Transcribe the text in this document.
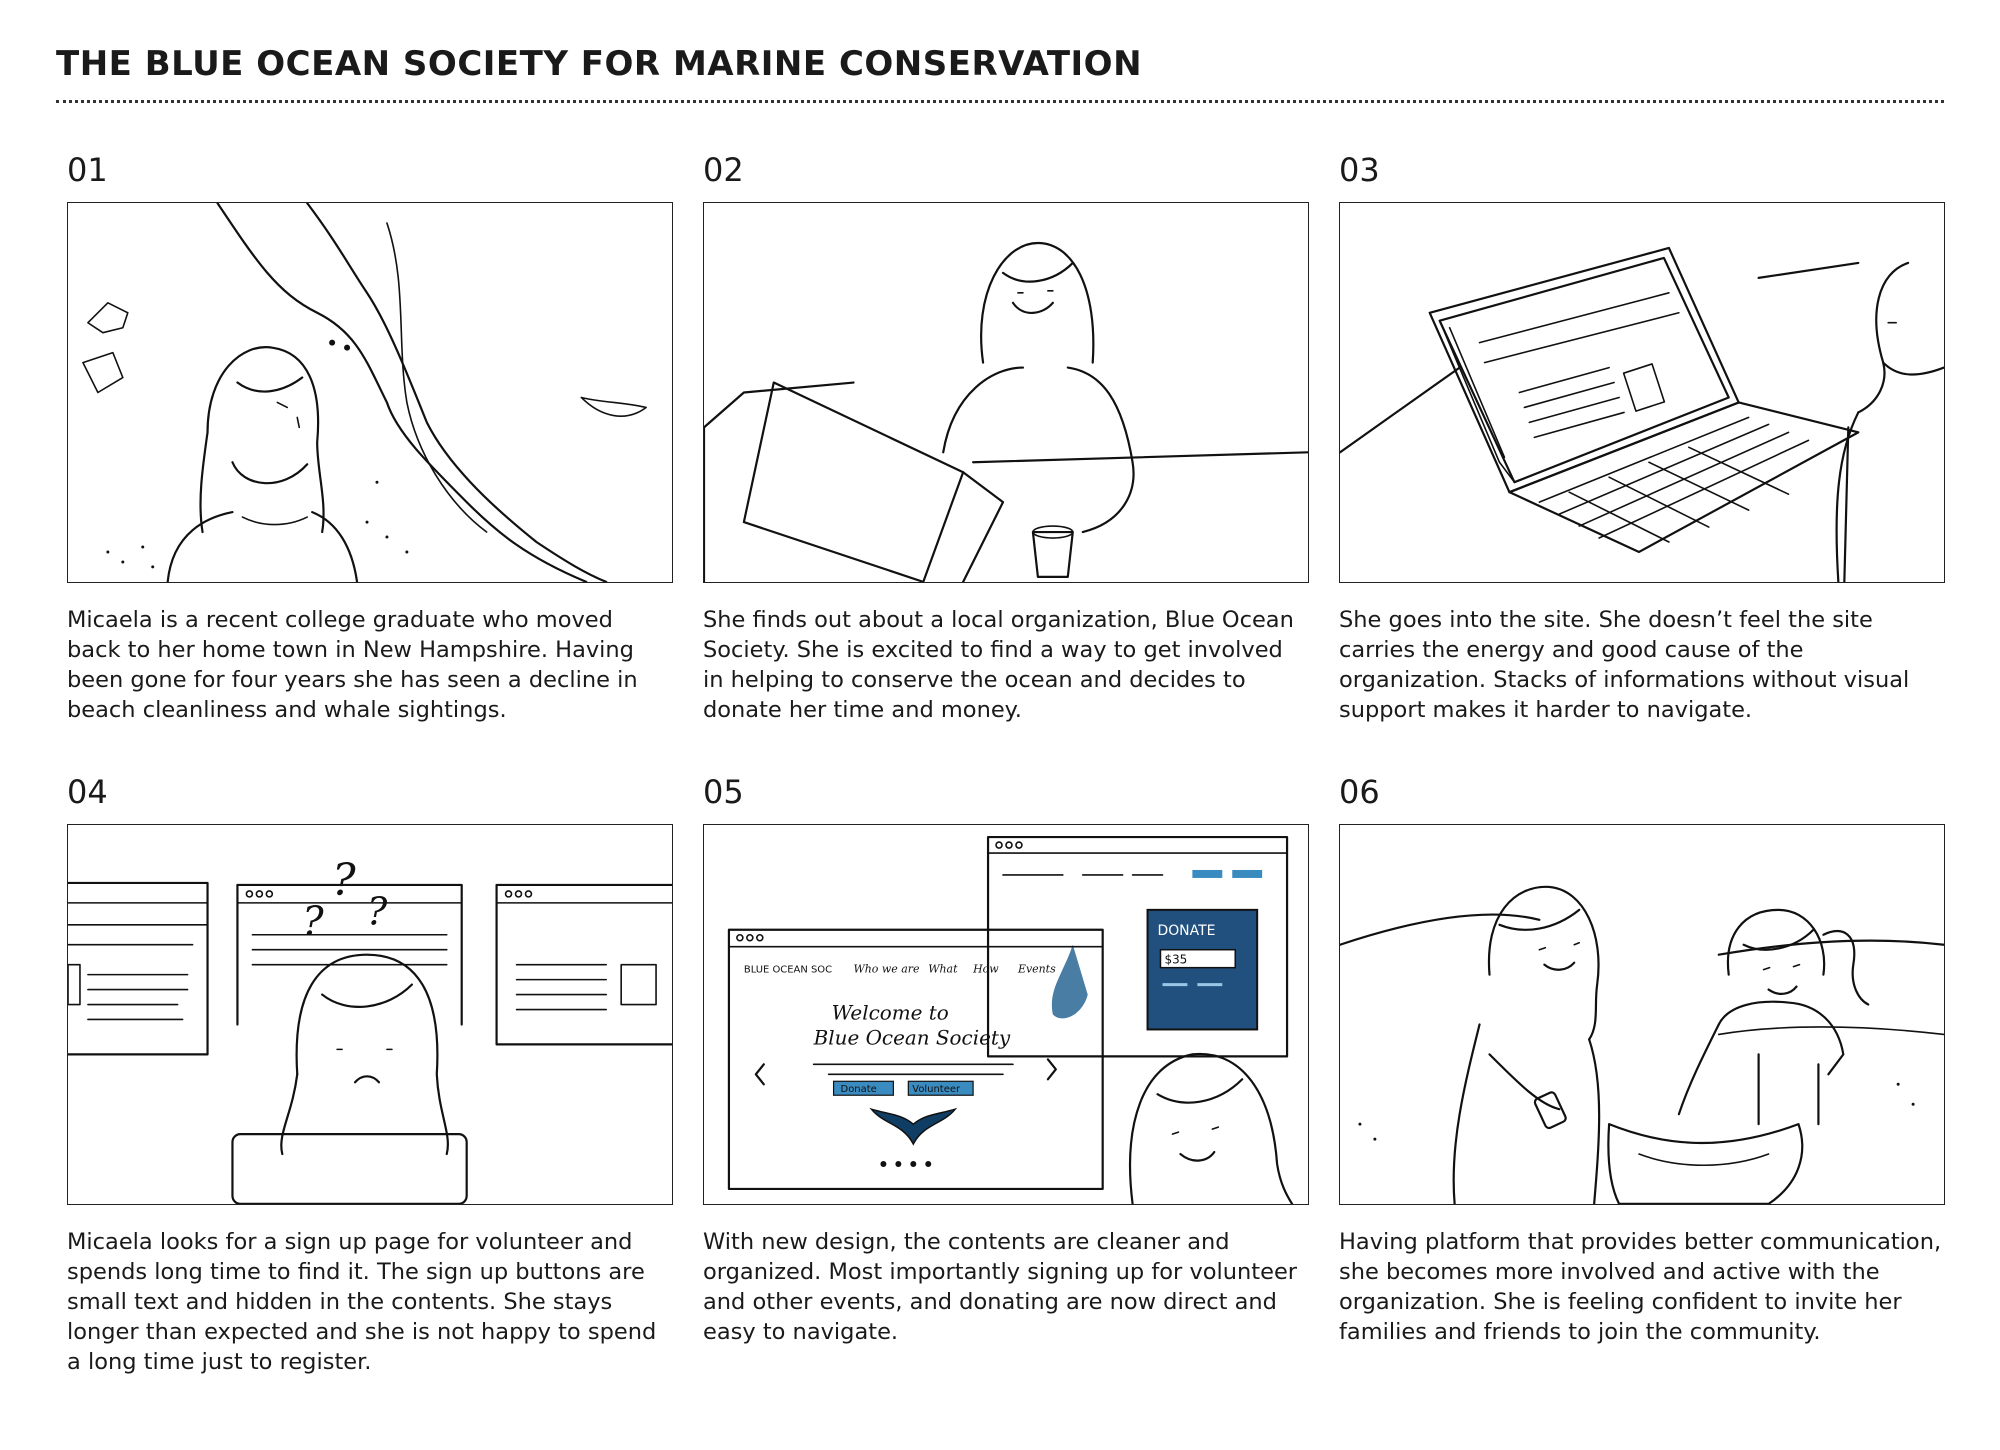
THE BLUE OCEAN SOCIETY FOR MARINE CONSERVATION
01

Micaela is a recent college graduate who moved back to her home town in New Hampshire. Having been gone for four years she has seen a decline in beach cleanliness and whale sightings.

02

She finds out about a local organization, Blue Ocean Society. She is excited to find a way to get involved in helping to conserve the ocean and decides to donate her time and money.

03

She goes into the site. She doesn’t feel the site carries the energy and good cause of the organization. Stacks of informations without visual support makes it harder to navigate.

04
?
?
?

Micaela looks for a sign up page for volunteer and spends long time to find it. The sign up buttons are small text and hidden in the contents. She stays longer than expected and she is not happy to spend a long time just to register.

05
DONATE
$35
BLUE OCEAN SOC Who we are What How Events
Welcome to
Blue Ocean Society
Donate	Volunteer

With new design, the contents are cleaner and organized. Most importantly signing up for volunteer and other events, and donating are now direct and easy to navigate.

06

Having platform that provides better communication, she becomes more involved and active with the organization. She is feeling confident to invite her families and friends to join the community.
